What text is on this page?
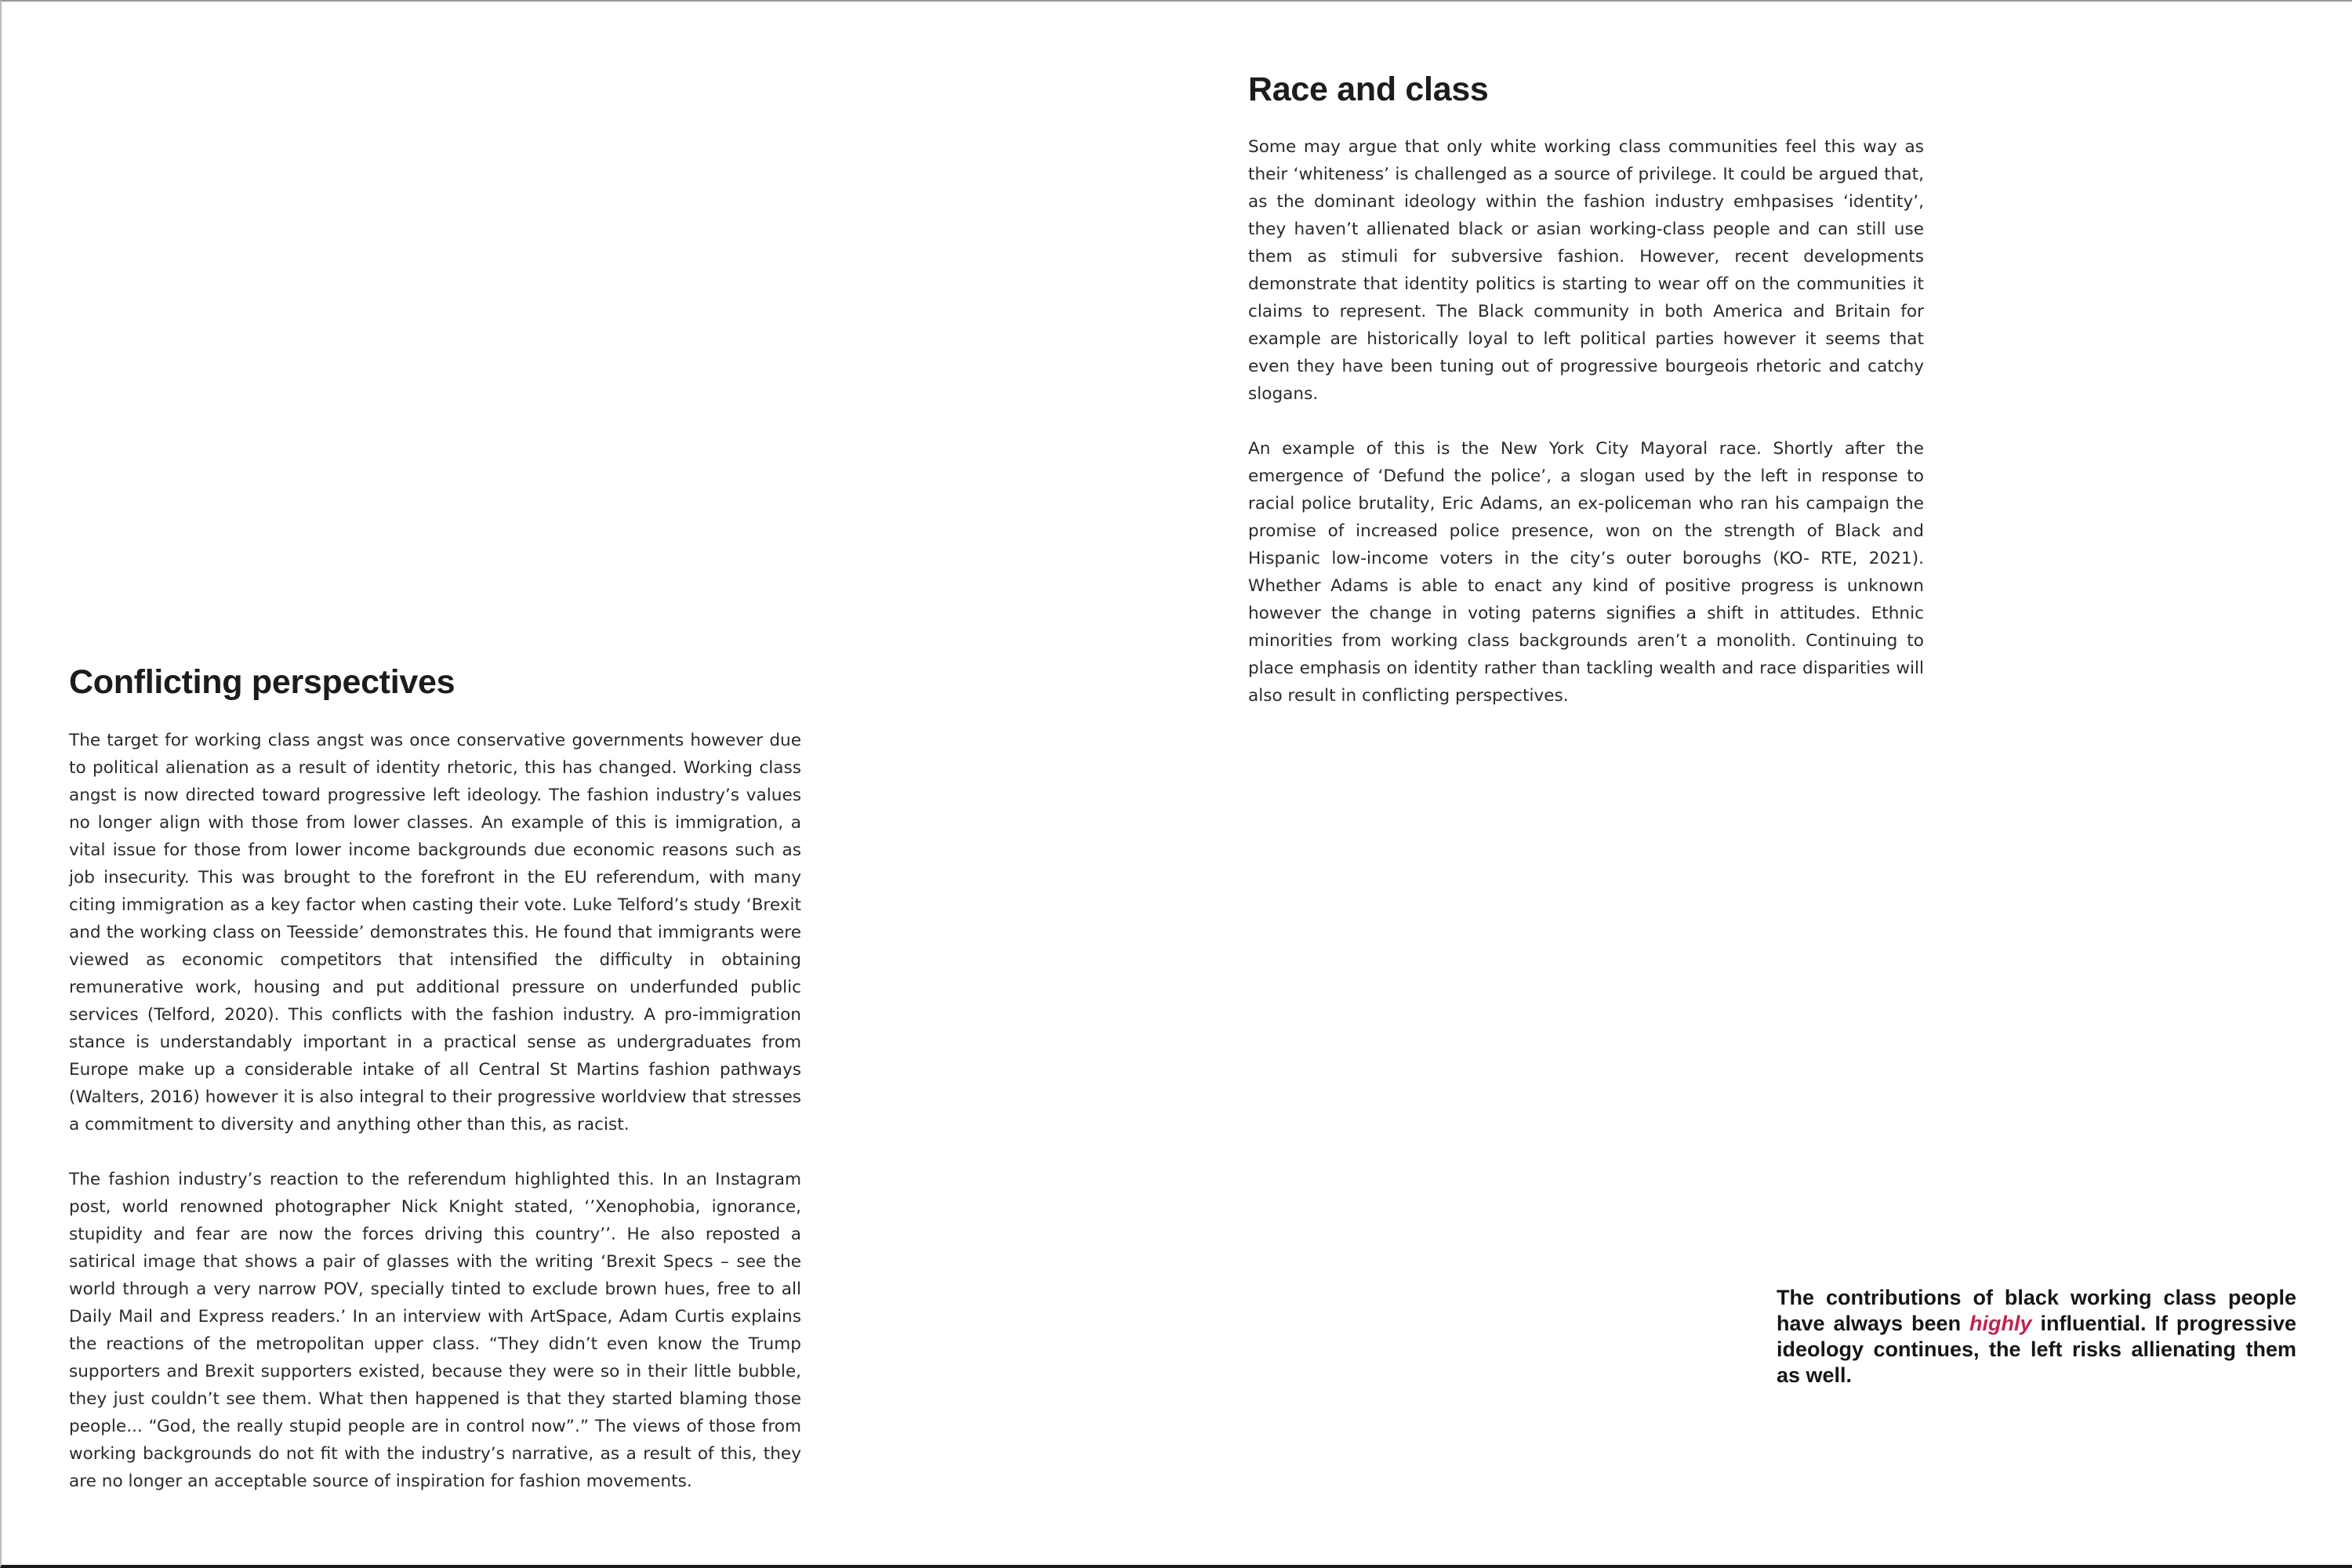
Race and class

Some may argue that only white working class communities feel this way as their ‘whiteness’ is challenged as a source of privilege. It could be argued that, as the dominant ideology within the fashion industry emhpasises ‘identity’, they haven’t allienated black or asian working-class people and can still use them as stimuli for subversive fashion. However, recent developments demonstrate that identity politics is starting to wear off on the communities it claims to represent. The Black community in both America and Britain for example are historically loyal to left political parties however it seems that even they have been tuning out of progressive bourgeois rhetoric and catchy slogans.

An example of this is the New York City Mayoral race. Shortly after the emergence of ‘Defund the police’, a slogan used by the left in response to racial police brutality, Eric Adams, an ex-policeman who ran his campaign the promise of increased police presence, won on the strength of Black and Hispanic low-income voters in the city’s outer boroughs (KO- RTE, 2021). Whether Adams is able to enact any kind of positive progress is unknown however the change in voting paterns signifies a shift in attitudes. Ethnic minorities from working class backgrounds aren’t a monolith. Continuing to place emphasis on identity rather than tackling wealth and race disparities will also result in conflicting perspectives.

Conflicting perspectives

The target for working class angst was once conservative governments however due to political alienation as a result of identity rhetoric, this has changed. Working class angst is now directed toward progressive left ideology. The fashion industry’s values no longer align with those from lower classes. An example of this is immigration, a vital issue for those from lower income backgrounds due economic reasons such as job insecurity. This was brought to the forefront in the EU referendum, with many citing immigration as a key factor when casting their vote. Luke Telford’s study ‘Brexit and the working class on Teesside’ demonstrates this. He found that immigrants were viewed as economic competitors that intensified the difficulty in obtaining remunerative work, housing and put additional pressure on underfunded public services (Telford, 2020). This conflicts with the fashion industry. A pro-immigration stance is understandably important in a practical sense as undergraduates from Europe make up a considerable intake of all Central St Martins fashion pathways (Walters, 2016) however it is also integral to their progressive worldview that stresses a commitment to diversity and anything other than this, as racist.

The fashion industry’s reaction to the referendum highlighted this. In an Instagram post, world renowned photographer Nick Knight stated, ‘’Xenophobia, ignorance, stupidity and fear are now the forces driving this country’’. He also reposted a satirical image that shows a pair of glasses with the writing ‘Brexit Specs – see the world through a very narrow POV, specially tinted to exclude brown hues, free to all Daily Mail and Express readers.’ In an interview with ArtSpace, Adam Curtis explains the reactions of the metropolitan upper class. “They didn’t even know the Trump supporters and Brexit supporters existed, because they were so in their little bubble, they just couldn’t see them. What then happened is that they started blaming those people... “God, the really stupid people are in control now”.” The views of those from working backgrounds do not fit with the industry’s narrative, as a result of this, they are no longer an acceptable source of inspiration for fashion movements.

The contributions of black working class people have always been highly influential. If progressive ideology continues, the left risks allienating them as well.
